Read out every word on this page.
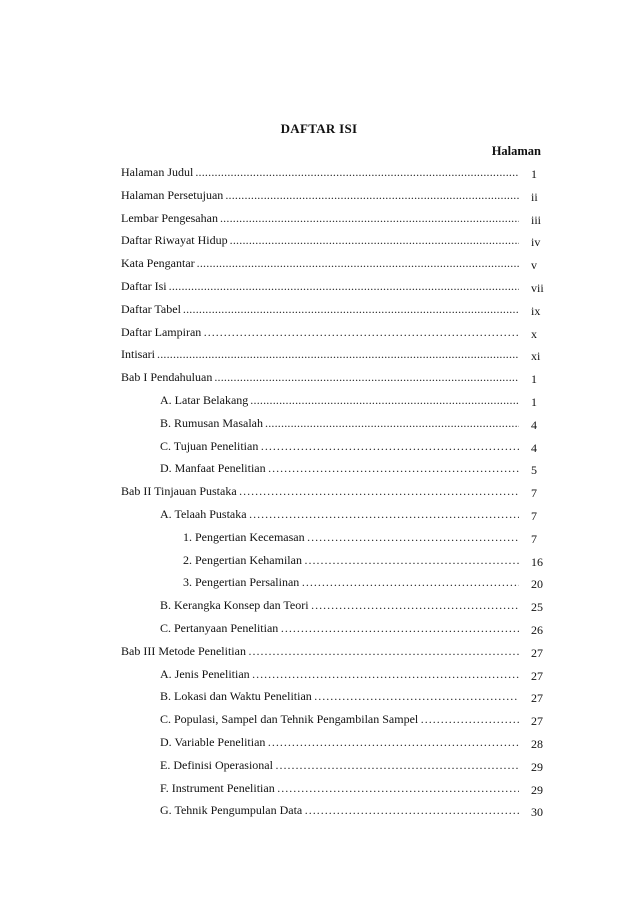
DAFTAR ISI
Halaman
Halaman Judul .....	1
Halaman Persetujuan .....	ii
Lembar Pengesahan .....	iii
Daftar Riwayat Hidup .....	iv
Kata Pengantar .....	v
Daftar Isi .....	vii
Daftar Tabel .....	ix
Daftar Lampiran ……………………………………………………………………………………………………………………………………………………………………………………	x
Intisari .....	xi
Bab I Pendahuluan .....	1
A. Latar Belakang .....	1
B. Rumusan Masalah .....	4
C. Tujuan Penelitian ……………………………………………………………………………………………………………………………………………………………………………………	4
D. Manfaat Penelitian ……………………………………………………………………………………………………………………………………………………………………………………	5
Bab II Tinjauan Pustaka ……………………………………………………………………………………………………………………………………………………………………………………	7
A. Telaah Pustaka ……………………………………………………………………………………………………………………………………………………………………………………	7
1. Pengertian Kecemasan ……………………………………………………………………………………………………………………………………………………………………………………	7
2. Pengertian Kehamilan ……………………………………………………………………………………………………………………………………………………………………………………	16
3. Pengertian Persalinan ……………………………………………………………………………………………………………………………………………………………………………………	20
B. Kerangka Konsep dan Teori ……………………………………………………………………………………………………………………………………………………………………………………	25
C. Pertanyaan Penelitian ……………………………………………………………………………………………………………………………………………………………………………………	26
Bab III Metode Penelitian ……………………………………………………………………………………………………………………………………………………………………………………	27
A. Jenis Penelitian ……………………………………………………………………………………………………………………………………………………………………………………	27
B. Lokasi dan Waktu Penelitian ……………………………………………………………………………………………………………………………………………………………………………………	27
C. Populasi, Sampel dan Tehnik Pengambilan Sampel ……………………………………………………………………………………………………………………………………………………………………………………	27
D. Variable Penelitian ……………………………………………………………………………………………………………………………………………………………………………………	28
E. Definisi Operasional ……………………………………………………………………………………………………………………………………………………………………………………	29
F. Instrument Penelitian ……………………………………………………………………………………………………………………………………………………………………………………	29
G. Tehnik Pengumpulan Data ……………………………………………………………………………………………………………………………………………………………………………………	30
